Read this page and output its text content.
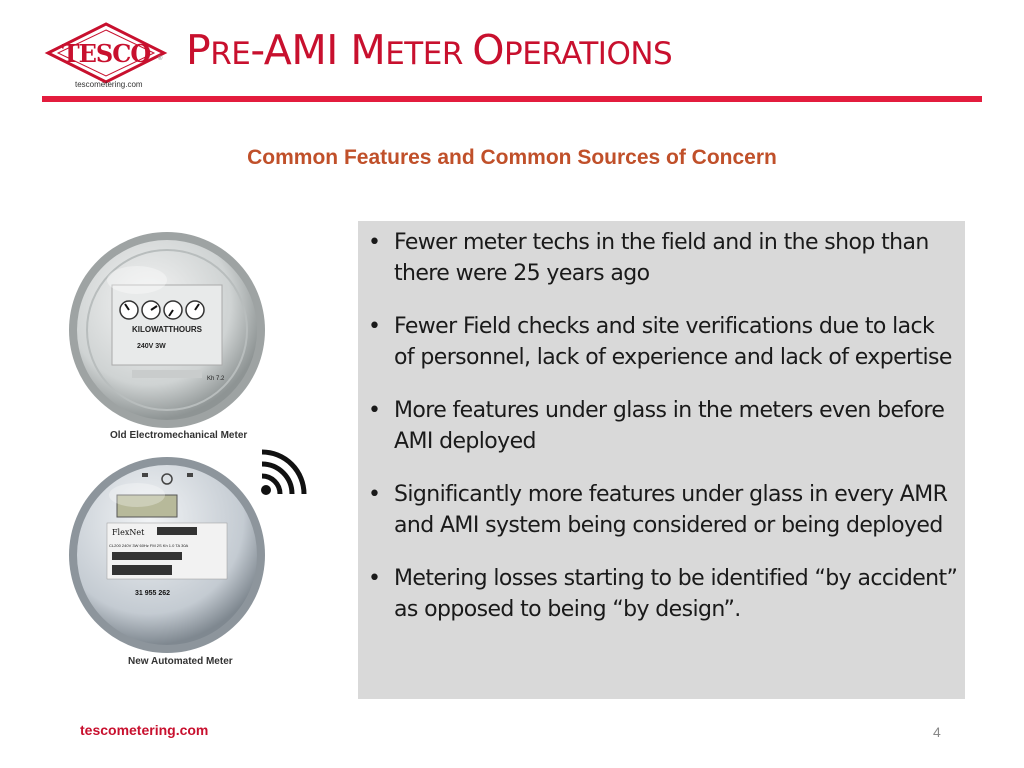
TESCO ®
tescometering.com
PRE-AMI METER OPERATIONS
Common Features and Common Sources of Concern
KILOWATTHOURS
240V 3W
Kh 7.2
Old Electromechanical Meter
FlexNet
CL200 240V 3W 60Hz FM 2S Kh 1.0 TA 30A
31 955 262
New Automated Meter
• Fewer meter techs in the field and in the shop than there were 25 years ago
• Fewer Field checks and site verifications due to lack of personnel, lack of experience and lack of expertise
• More features under glass in the meters even before AMI deployed
• Significantly more features under glass in every AMR and AMI system being considered or being deployed
• Metering losses starting to be identified “by accident” as opposed to being “by design”.
tescometering.com	4
